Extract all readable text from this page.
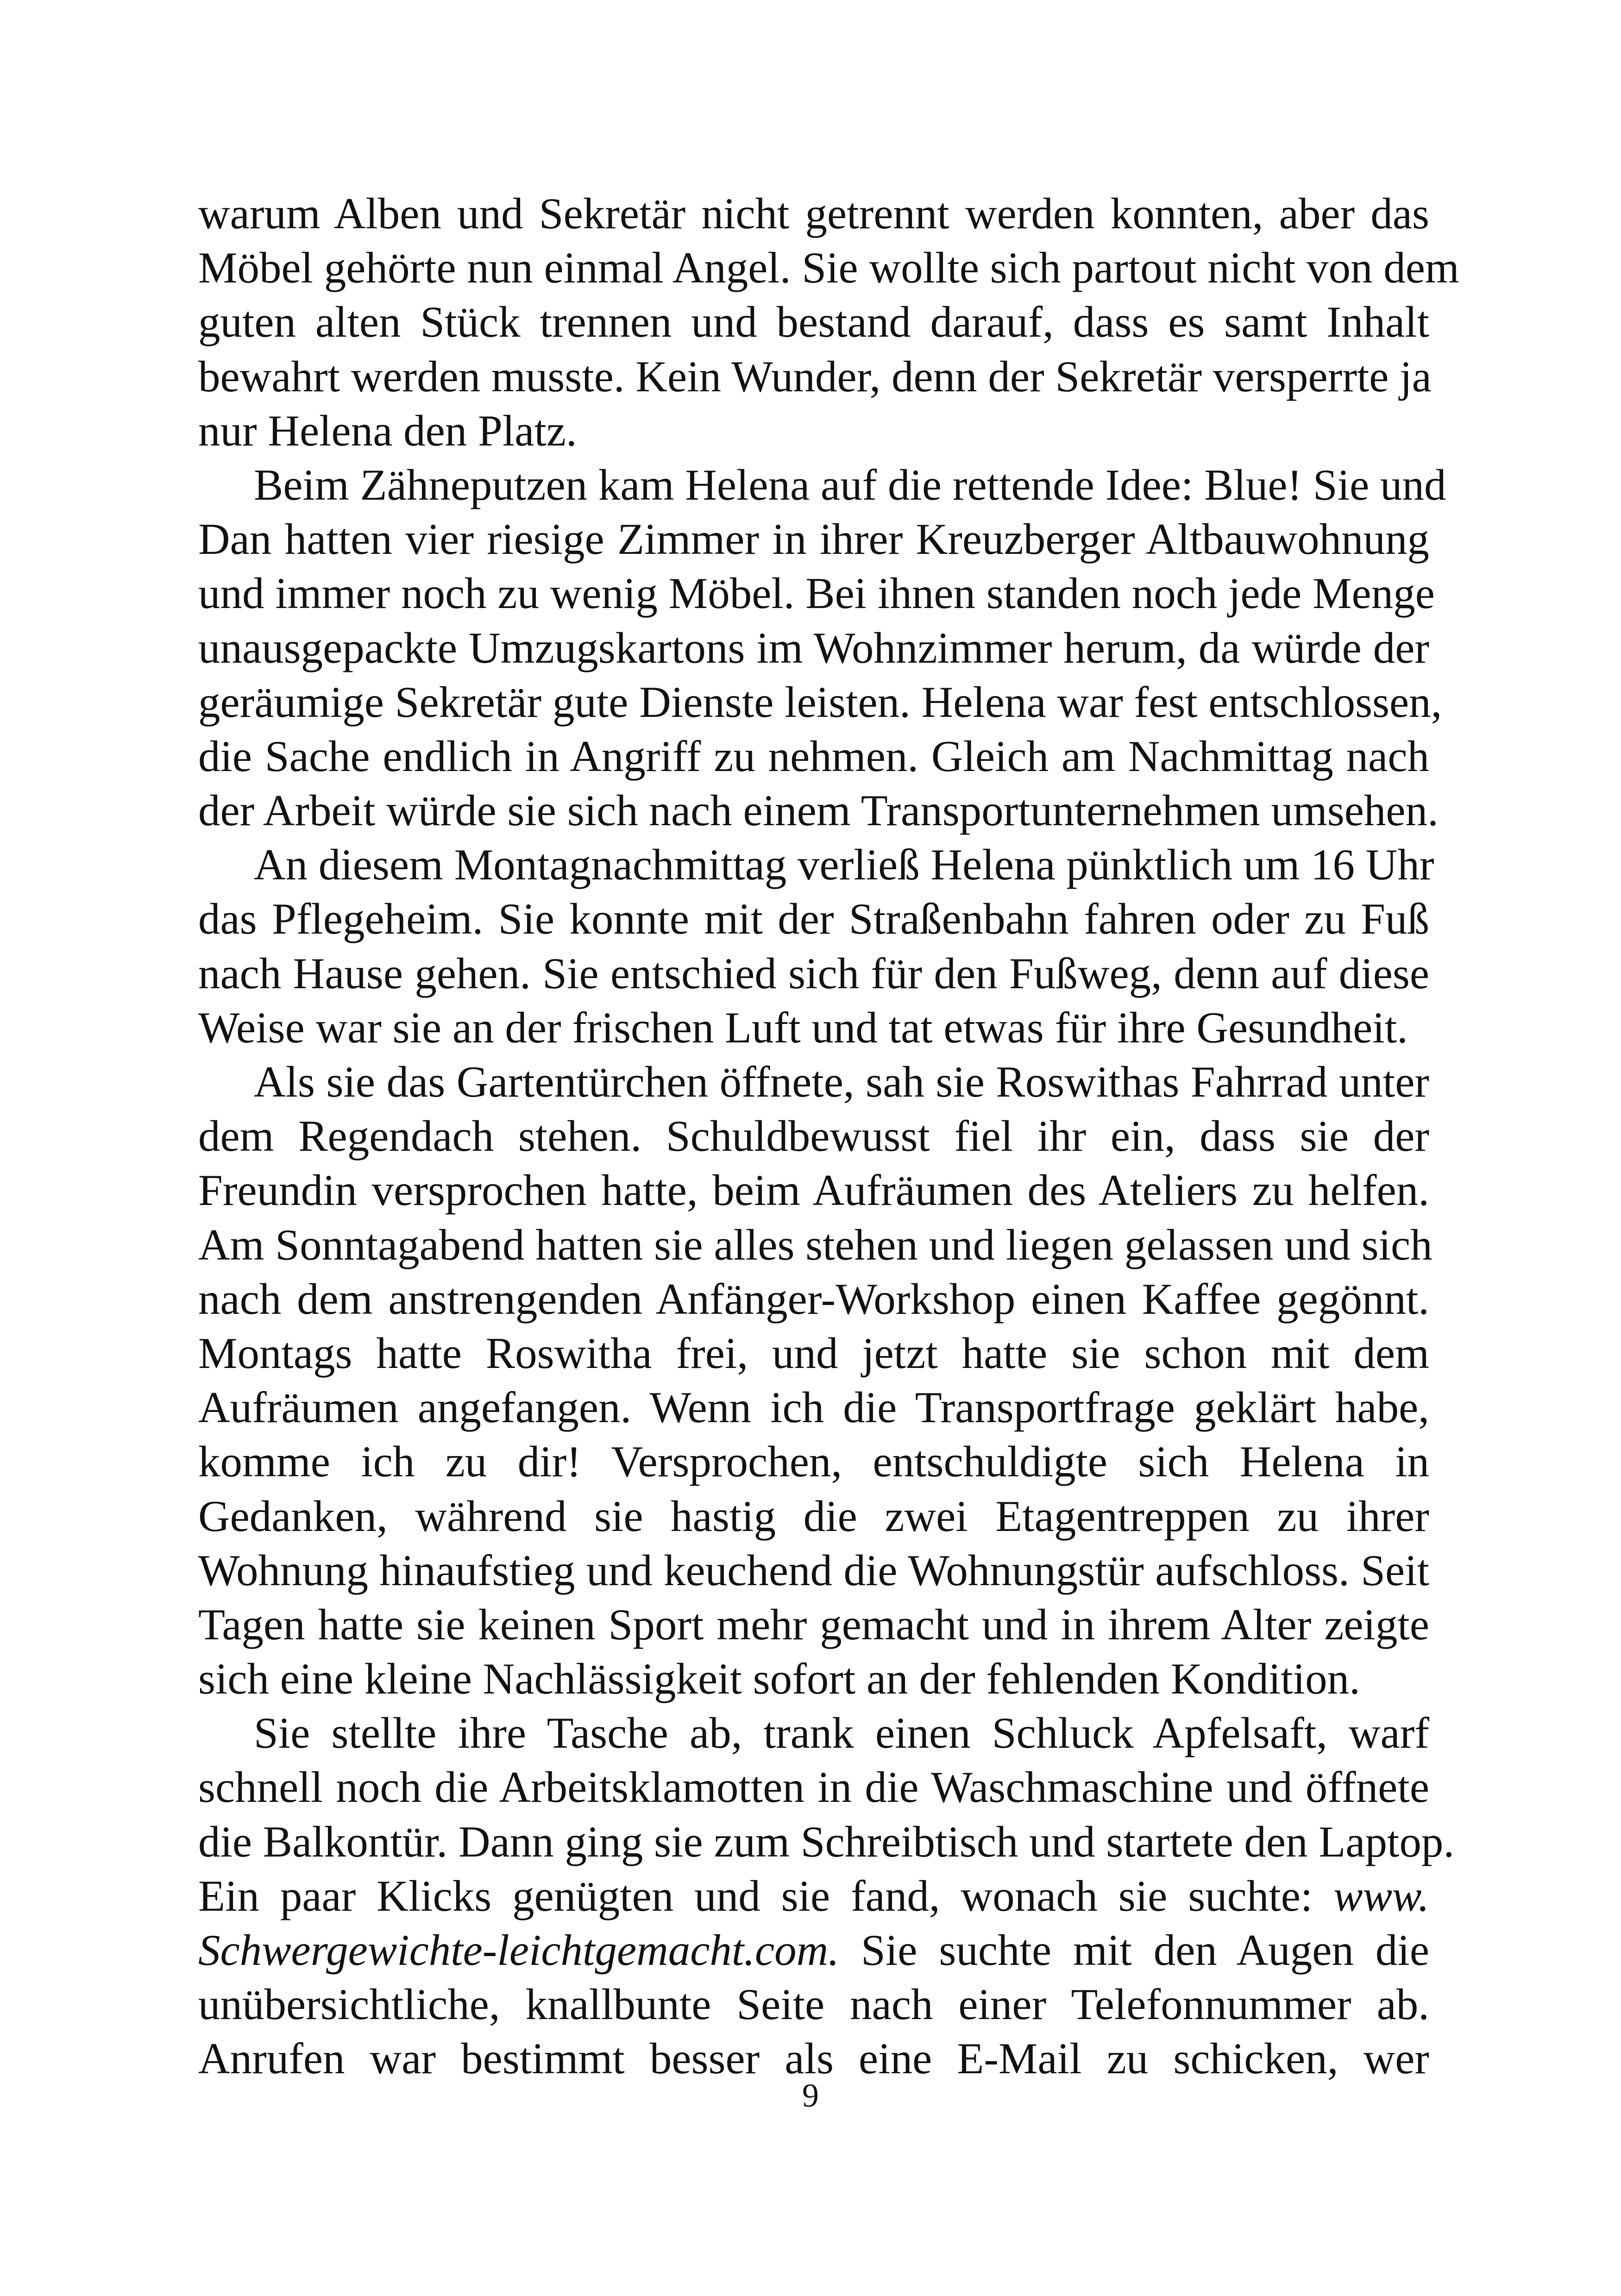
warum Alben und Sekretär nicht getrennt werden konnten, aber das
Möbel gehörte nun einmal Angel. Sie wollte sich partout nicht von dem
guten alten Stück trennen und bestand darauf, dass es samt Inhalt
bewahrt werden musste. Kein Wunder, denn der Sekretär versperrte ja
nur Helena den Platz.
Beim Zähneputzen kam Helena auf die rettende Idee: Blue! Sie und
Dan hatten vier riesige Zimmer in ihrer Kreuzberger Altbauwohnung
und immer noch zu wenig Möbel. Bei ihnen standen noch jede Menge
unausgepackte Umzugskartons im Wohnzimmer herum, da würde der
geräumige Sekretär gute Dienste leisten. Helena war fest entschlossen,
die Sache endlich in Angriff zu nehmen. Gleich am Nachmittag nach
der Arbeit würde sie sich nach einem Transportunternehmen umsehen.
An diesem Montagnachmittag verließ Helena pünktlich um 16 Uhr
das Pflegeheim. Sie konnte mit der Straßenbahn fahren oder zu Fuß
nach Hause gehen. Sie entschied sich für den Fußweg, denn auf diese
Weise war sie an der frischen Luft und tat etwas für ihre Gesundheit.
Als sie das Gartentürchen öffnete, sah sie Roswithas Fahrrad unter
dem Regendach stehen. Schuldbewusst fiel ihr ein, dass sie der
Freundin versprochen hatte, beim Aufräumen des Ateliers zu helfen.
Am Sonntagabend hatten sie alles stehen und liegen gelassen und sich
nach dem anstrengenden Anfänger-Workshop einen Kaffee gegönnt.
Montags hatte Roswitha frei, und jetzt hatte sie schon mit dem
Aufräumen angefangen. Wenn ich die Transportfrage geklärt habe,
komme ich zu dir! Versprochen, entschuldigte sich Helena in
Gedanken, während sie hastig die zwei Etagentreppen zu ihrer
Wohnung hinaufstieg und keuchend die Wohnungstür aufschloss. Seit
Tagen hatte sie keinen Sport mehr gemacht und in ihrem Alter zeigte
sich eine kleine Nachlässigkeit sofort an der fehlenden Kondition.
Sie stellte ihre Tasche ab, trank einen Schluck Apfelsaft, warf
schnell noch die Arbeitsklamotten in die Waschmaschine und öffnete
die Balkontür. Dann ging sie zum Schreibtisch und startete den Laptop.
Ein paar Klicks genügten und sie fand, wonach sie suchte: www.
Schwergewichte-leichtgemacht.com. Sie suchte mit den Augen die
unübersichtliche, knallbunte Seite nach einer Telefonnummer ab.
Anrufen war bestimmt besser als eine E-Mail zu schicken, wer
9
